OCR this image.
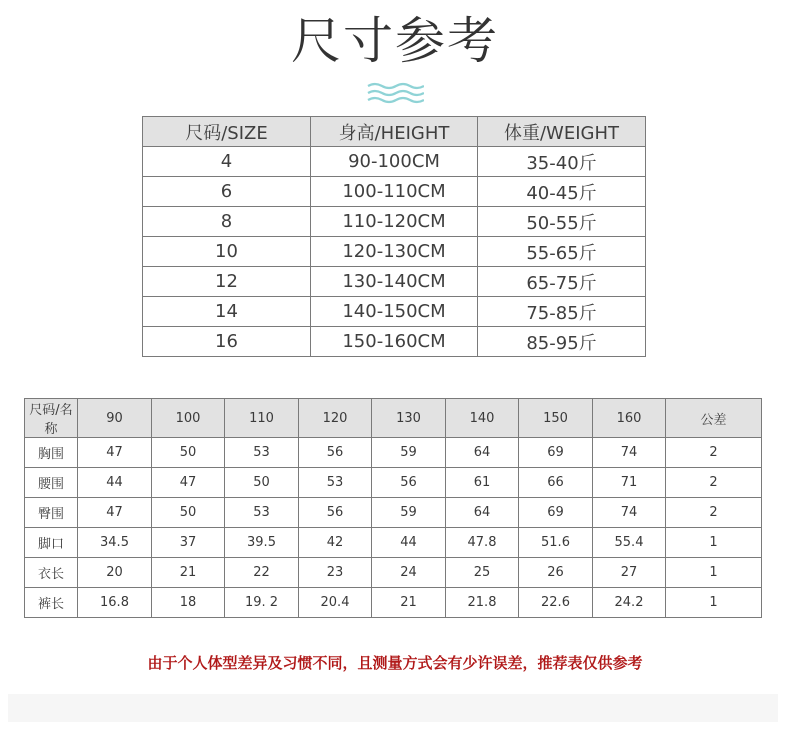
尺寸参考
尺码/SIZE	身高/HEIGHT	体重/WEIGHT
4	90-100CM	35-40斤
6	100-110CM	40-45斤
8	110-120CM	50-55斤
10	120-130CM	55-65斤
12	130-140CM	65-75斤
14	140-150CM	75-85斤
16	150-160CM	85-95斤
尺码/名称	90	100	110	120	130	140	150	160	公差
胸围	47	50	53	56	59	64	69	74	2
腰围	44	47	50	53	56	61	66	71	2
臀围	47	50	53	56	59	64	69	74	2
脚口	34.5	37	39.5	42	44	47.8	51.6	55.4	1
衣长	20	21	22	23	24	25	26	27	1
裤长	16.8	18	19. 2	20.4	21	21.8	22.6	24.2	1
由于个人体型差异及习惯不同，且测量方式会有少许误差，推荐表仅供参考
